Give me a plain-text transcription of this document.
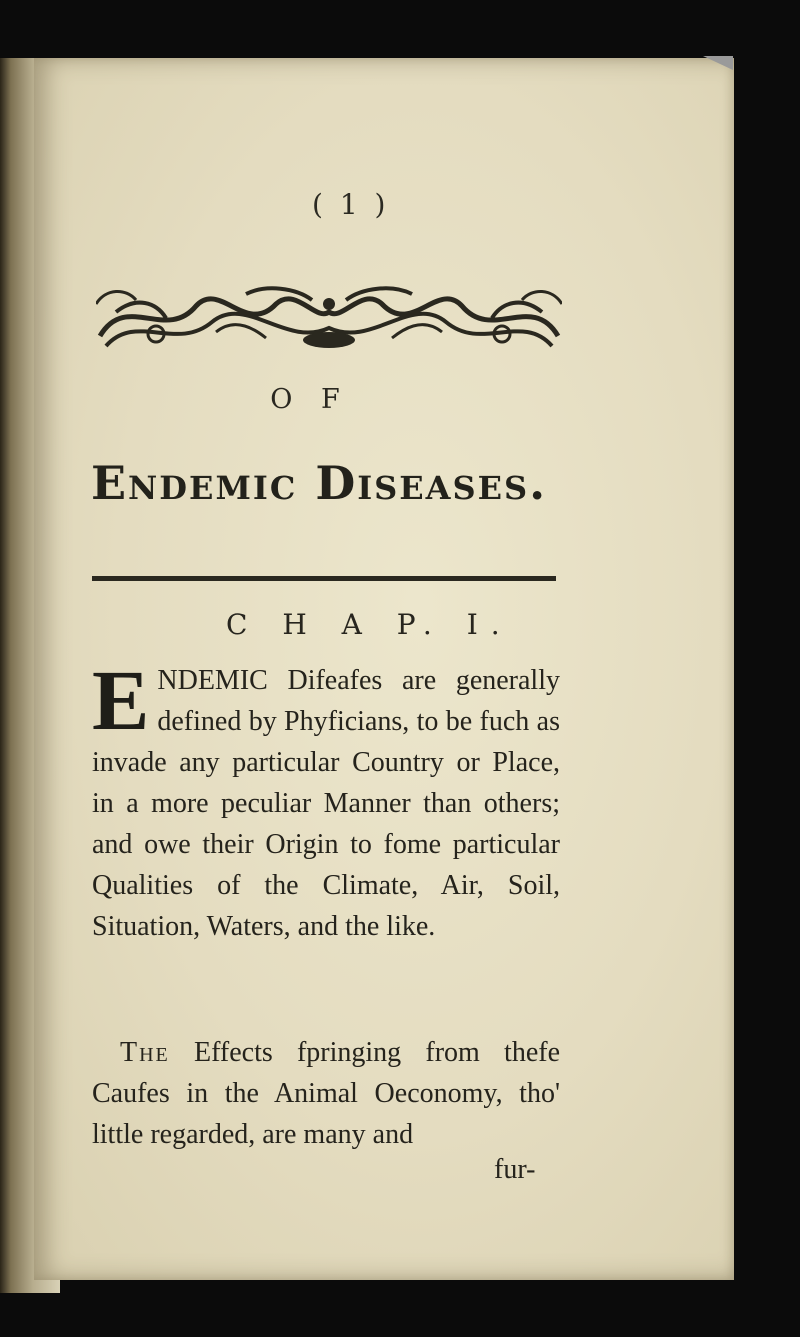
( 1 )
O F
Endemic Diseases.
C H A P. I.
ENDEMIC Difeafes are generally defined by Phyficians, to be fuch as invade any particular Country or Place, in a more peculiar Manner than others; and owe their Origin to fome particular Qualities of the Climate, Air, Soil, Situation, Waters, and the like.
The Effects fpringing from thefe Caufes in the Animal Oeconomy, tho' little regarded, are many and
fur-
